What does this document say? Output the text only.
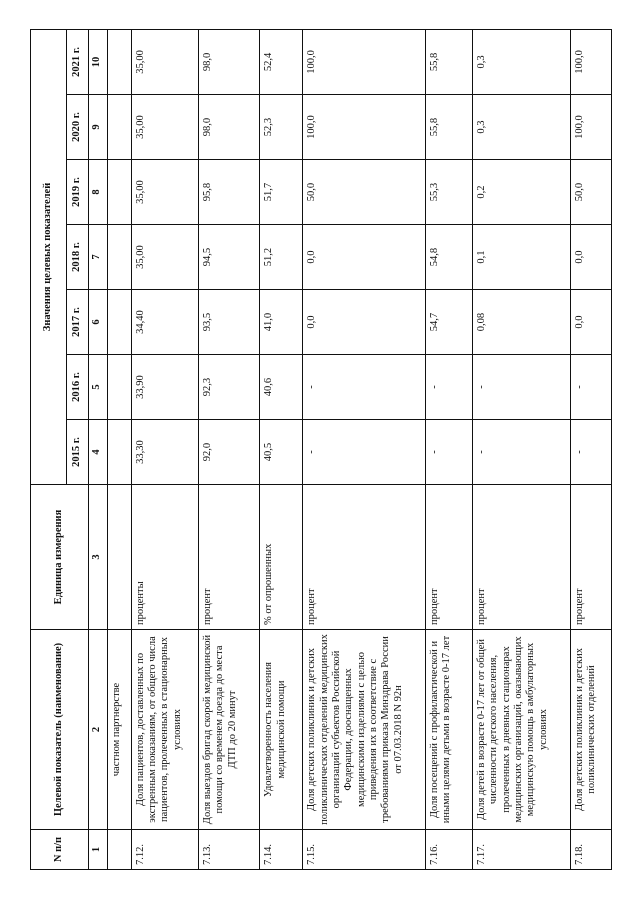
N п/п	Целевой показатель (наименование)	Единица измерения	Значения целевых показателей						
			2015 г.	2016 г.	2017 г.	2018 г.	2019 г.	2020 г.	2021 г.
1	2	3	4	5	6	7	8	9	10
	частном партнерстве								
7.12.	Доля пациентов, доставленных по экстренным показаниям, от общего числа пациентов, пролеченных в стационарных условиях	проценты	33,30	33,90	34,40	35,00	35,00	35,00	35,00
7.13.	Доля выездов бригад скорой медицинской помощи со временем доезда до места ДТП до 20 минут	процент	92,0	92,3	93,5	94,5	95,8	98,0	98,0
7.14.	Удовлетворенность населения медицинской помощи	% от опрошенных	40,5	40,6	41,0	51,2	51,7	52,3	52,4
7.15.	Доля детских поликлиник и детских поликлинических отделений медицинских организаций субъектов Российской Федерации, дооснащенных медицинскими изделиями с целью приведения их в соответствие с требованиями приказа Минздрава России от 07.03.2018 N 92н	процент	-	-	0,0	0,0	50,0	100,0	100,0
7.16.	Доля посещений с профилактической и иными целями детьми в возрасте 0-17 лет	процент	-	-	54,7	54,8	55,3	55,8	55,8
7.17.	Доля детей в возрасте 0-17 лет от общей численности детского населения, пролеченных в дневных стационарах медицинских организаций, оказывающих медицинскую помощь в амбулаторных условиях	процент	-	-	0,08	0,1	0,2	0,3	0,3
7.18.	Доля детских поликлиник и детских поликлинических отделений	процент	-	-	0,0	0,0	50,0	100,0	100,0
